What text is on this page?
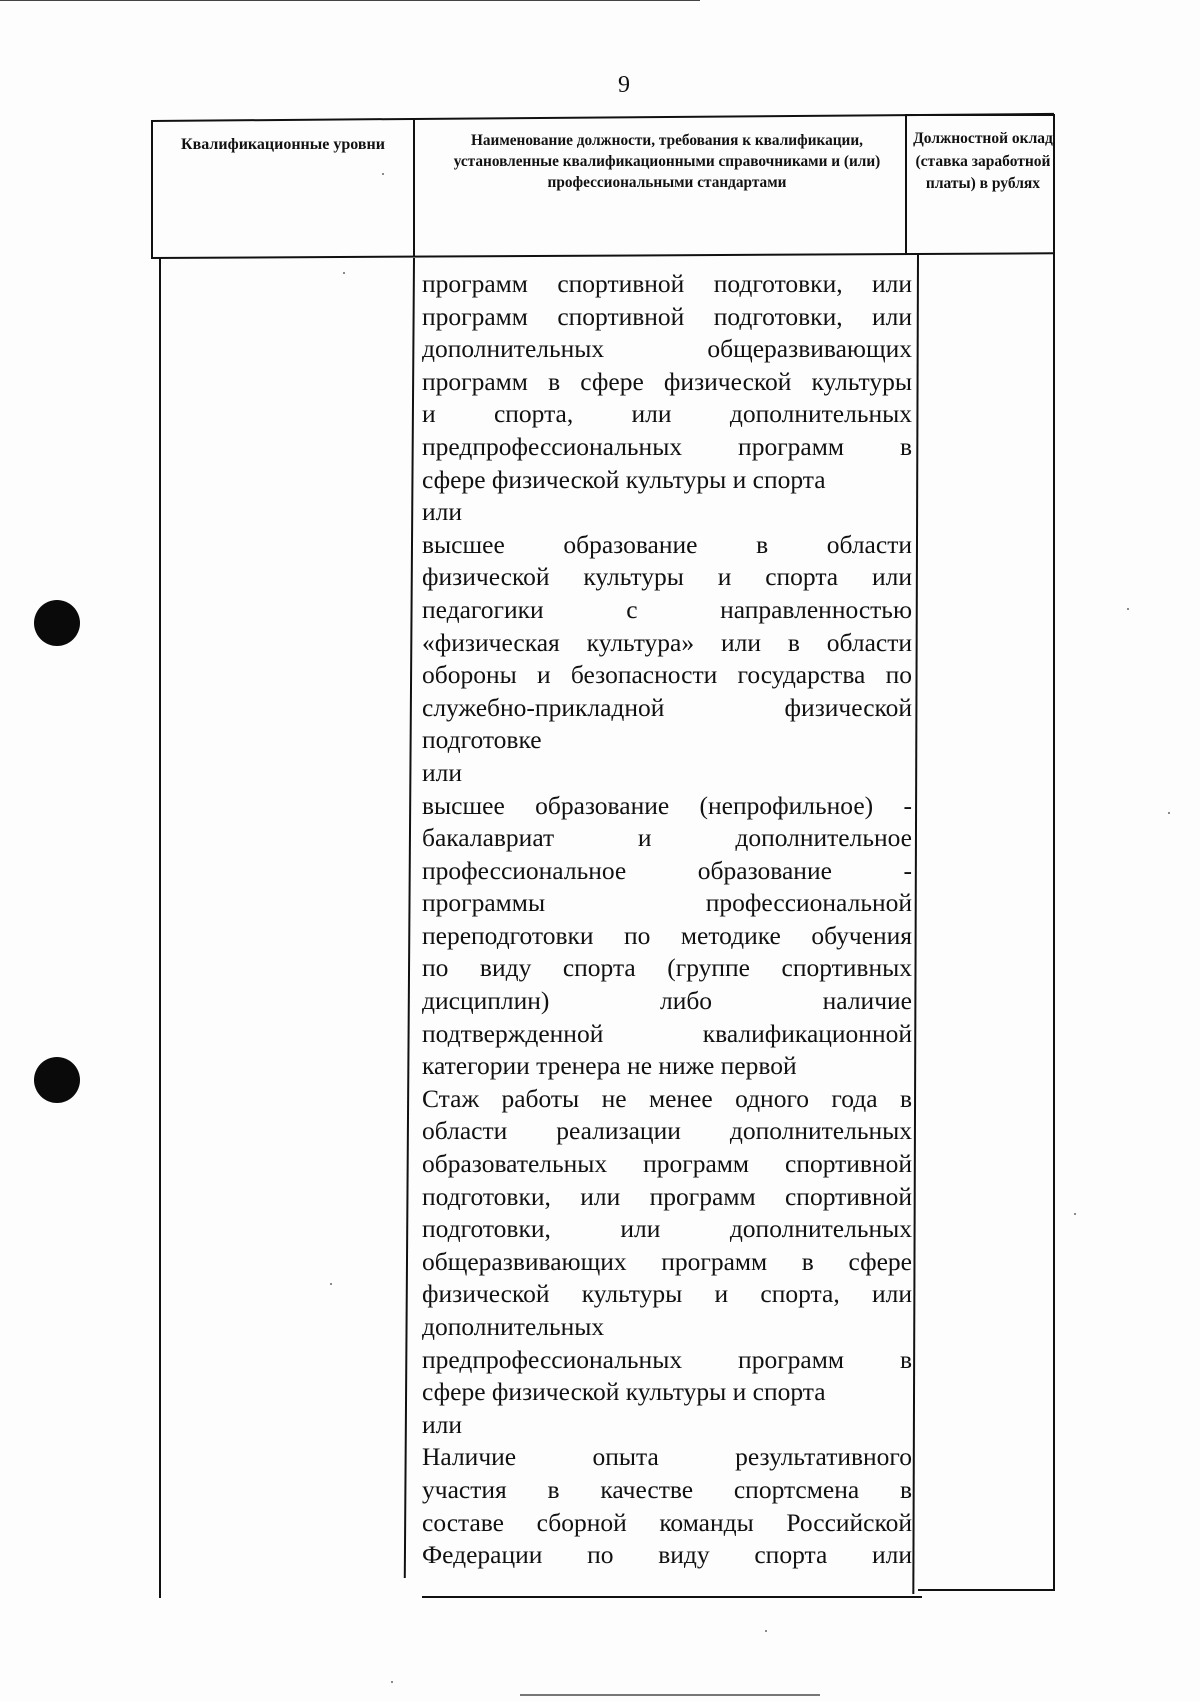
9
Квалификационные уровни	Наименование должности, требования к квалификации, установленные квалификационными справочниками и (или) профессиональными стандартами
Должностной оклад (ставка заработной платы) в рублях
программ спортивной подготовки, или
программ спортивной подготовки, или
дополнительных общеразвивающих
программ в сфере физической культуры
и спорта, или дополнительных
предпрофессиональных программ в
сфере физической культуры и спорта
или
высшее образование в области
физической культуры и спорта или
педагогики с направленностью
«физическая культура» или в области
обороны и безопасности государства по
служебно-прикладной физической
подготовке
или
высшее образование (непрофильное) -
бакалавриат и дополнительное
профессиональное образование -
программы профессиональной
переподготовки по методике обучения
по виду спорта (группе спортивных
дисциплин) либо наличие
подтвержденной квалификационной
категории тренера не ниже первой
Стаж работы не менее одного года в
области реализации дополнительных
образовательных программ спортивной
подготовки, или программ спортивной
подготовки, или дополнительных
общеразвивающих программ в сфере
физической культуры и спорта, или
дополнительных
предпрофессиональных программ в
сфере физической культуры и спорта
или
Наличие опыта результативного
участия в качестве спортсмена в
составе сборной команды Российской
Федерации по виду спорта или
